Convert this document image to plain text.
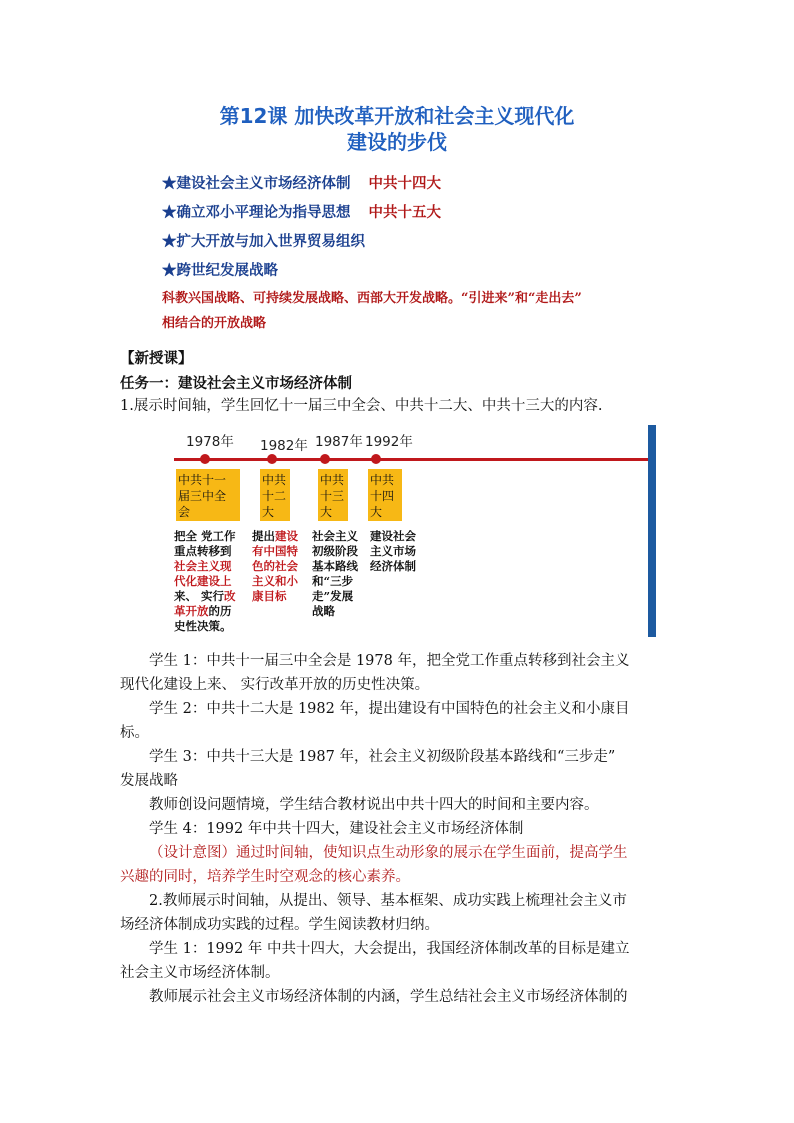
第12课 加快改革开放和社会主义现代化
建设的步伐
★建设社会主义市场经济体制 中共十四大
★确立邓小平理论为指导思想 中共十五大
★扩大开放与加入世界贸易组织
★跨世纪发展战略
科教兴国战略、可持续发展战略、西部大开发战略。“引进来”和“走出去”
相结合的开放战略
【新授课】
任务一：建设社会主义市场经济体制
1.展示时间轴，学生回忆十一届三中全会、中共十二大、中共十三大的内容.
1978年 1982年 1987年 1992年
中共十一
届三中全
会
中共
十二
大
中共
十三
大
中共
十四
大
把全 党工作
重点转移到
社会主义现
代化建设上
来、 实行改
革开放的历
史性决策。
提出建设
有中国特
色的社会
主义和小
康目标
社会主义
初级阶段
基本路线
和“三步
走”发展
战略
建设社会
主义市场
经济体制
学生 1：中共十一届三中全会是 1978 年，把全党工作重点转移到社会主义
现代化建设上来、 实行改革开放的历史性决策。
学生 2：中共十二大是 1982 年，提出建设有中国特色的社会主义和小康目
标。
学生 3：中共十三大是 1987 年，社会主义初级阶段基本路线和“三步走”
发展战略
教师创设问题情境，学生结合教材说出中共十四大的时间和主要内容。
学生 4：1992 年中共十四大，建设社会主义市场经济体制
（设计意图）通过时间轴，使知识点生动形象的展示在学生面前，提高学生
兴趣的同时，培养学生时空观念的核心素养。
2.教师展示时间轴，从提出、领导、基本框架、成功实践上梳理社会主义市
场经济体制成功实践的过程。学生阅读教材归纳。
学生 1：1992 年 中共十四大，大会提出，我国经济体制改革的目标是建立
社会主义市场经济体制。
教师展示社会主义市场经济体制的内涵，学生总结社会主义市场经济体制的
